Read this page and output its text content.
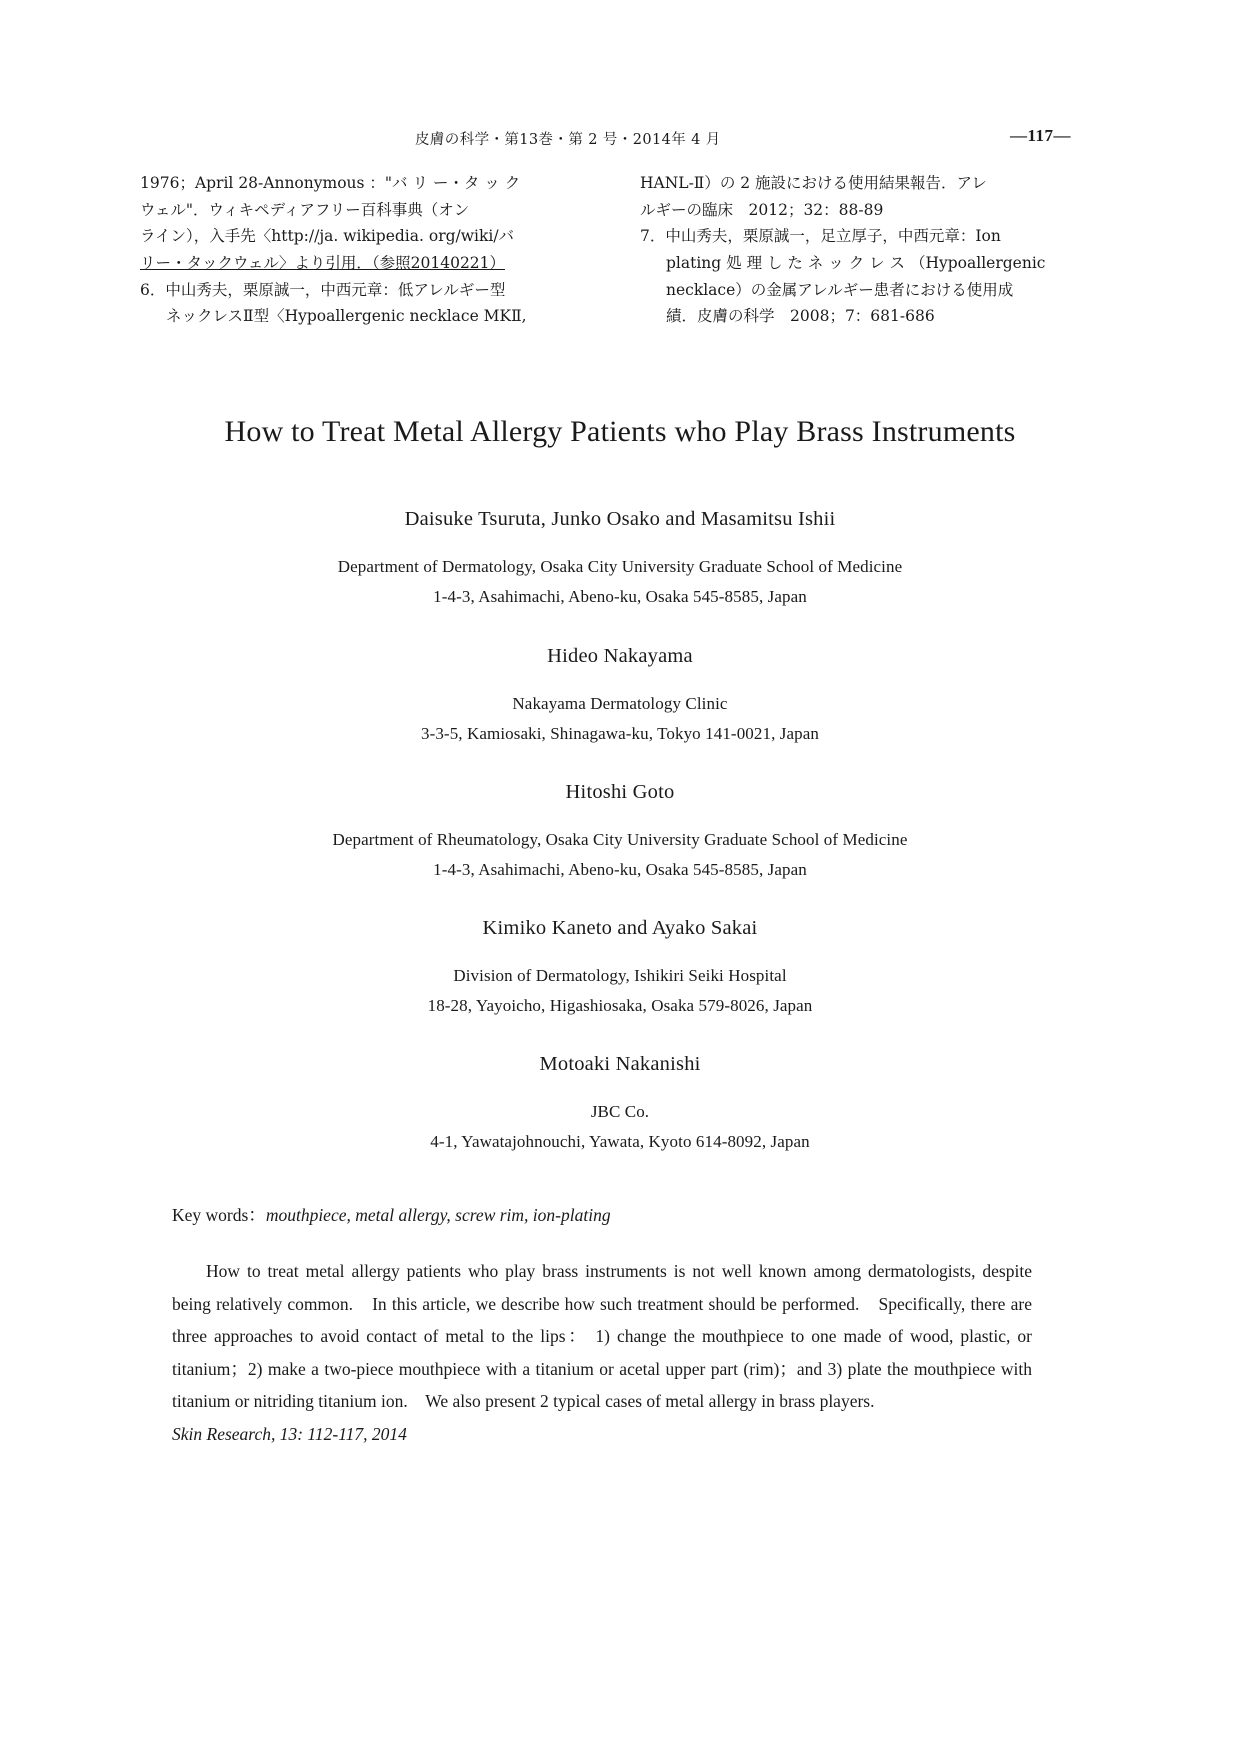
皮膚の科学・第13巻・第 2 号・2014年 4 月	—117—
1976；April 28-Annonymous ："バ リ ー・タ ッ ク
ウェル"．ウィキペディアフリー百科事典（オン
ライン），入手先〈http://ja. wikipedia. org/wiki/バ
リー・タックウェル〉より引用．（参照20140221）
6．中山秀夫，栗原誠一，中西元章：低アレルギー型
ネックレスⅡ型〈Hypoallergenic necklace MKⅡ,
HANL-Ⅱ）の 2 施設における使用結果報告．アレ
ルギーの臨床　2012；32：88-89
7．中山秀夫，栗原誠一，足立厚子，中西元章：Ion
plating 処 理 し た ネ ッ ク レ ス （Hypoallergenic
necklace）の金属アレルギー患者における使用成
績．皮膚の科学　2008；7：681-686
How to Treat Metal Allergy Patients who Play Brass Instruments
Daisuke Tsuruta, Junko Osako and Masamitsu Ishii
Department of Dermatology, Osaka City University Graduate School of Medicine
1-4-3, Asahimachi, Abeno-ku, Osaka 545-8585, Japan
Hideo Nakayama
Nakayama Dermatology Clinic
3-3-5, Kamiosaki, Shinagawa-ku, Tokyo 141-0021, Japan
Hitoshi Goto
Department of Rheumatology, Osaka City University Graduate School of Medicine
1-4-3, Asahimachi, Abeno-ku, Osaka 545-8585, Japan
Kimiko Kaneto and Ayako Sakai
Division of Dermatology, Ishikiri Seiki Hospital
18-28, Yayoicho, Higashiosaka, Osaka 579-8026, Japan
Motoaki Nakanishi
JBC Co.
4-1, Yawatajohnouchi, Yawata, Kyoto 614-8092, Japan
Key words：mouthpiece, metal allergy, screw rim, ion-plating

How to treat metal allergy patients who play brass instruments is not well known among dermatologists, despite being relatively common.　In this article, we describe how such treatment should be performed.　Specifically, there are three approaches to avoid contact of metal to the lips： 1) change the mouthpiece to one made of wood, plastic, or titanium；2) make a two-piece mouthpiece with a titanium or acetal upper part (rim)；and 3) plate the mouthpiece with titanium or nitriding titanium ion.　We also present 2 typical cases of metal allergy in brass players.

Skin Research, 13: 112-117, 2014
